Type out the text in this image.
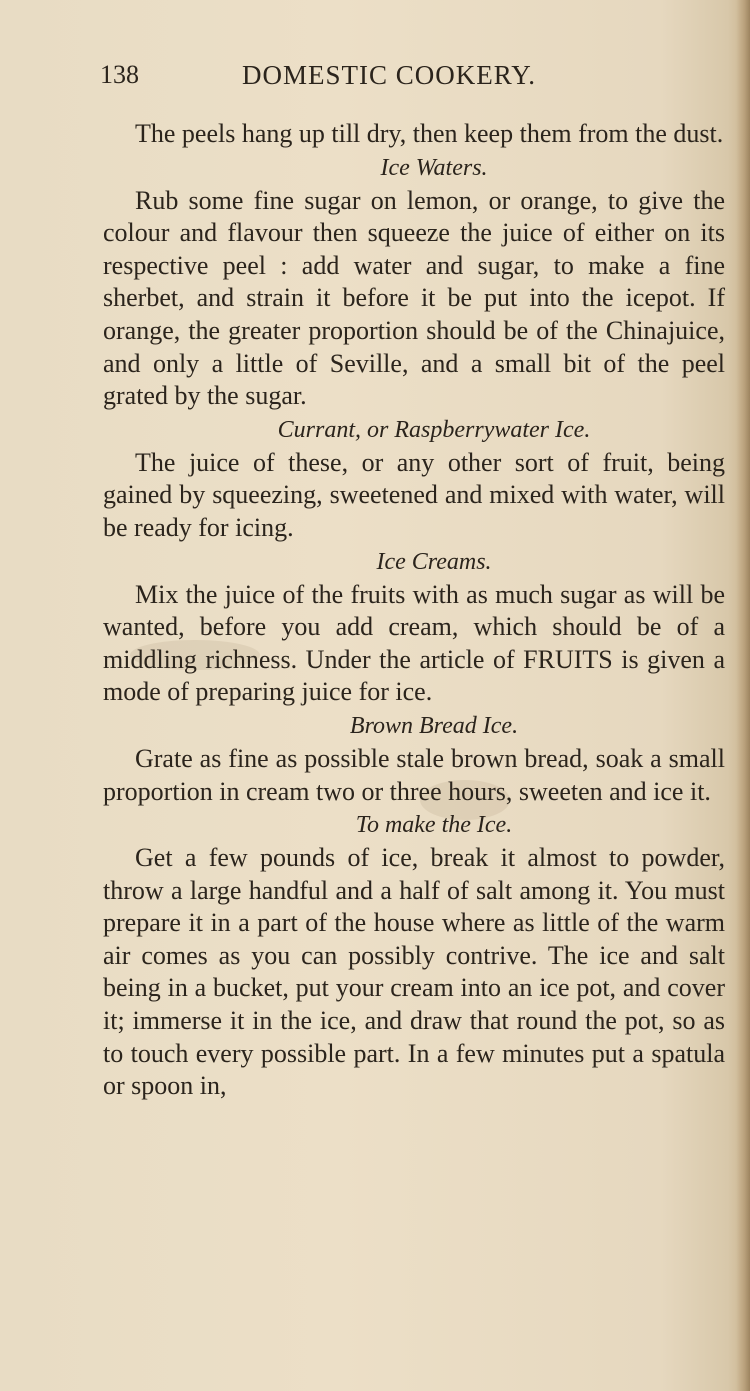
138	DOMESTIC COOKERY.

The peels hang up till dry, then keep them from the dust.

Ice Waters.

Rub some fine sugar on lemon, or orange, to give the colour and flavour then squeeze the juice of either on its respective peel : add water and sugar, to make a fine sherbet, and strain it before it be put into the icepot. If orange, the greater proportion should be of the Chinajuice, and only a little of Seville, and a small bit of the peel grated by the sugar.

Currant, or Raspberrywater Ice.

The juice of these, or any other sort of fruit, being gained by squeezing, sweetened and mixed with water, will be ready for icing.

Ice Creams.

Mix the juice of the fruits with as much sugar as will be wanted, before you add cream, which should be of a middling richness. Under the article of FRUITS is given a mode of preparing juice for ice.

Brown Bread Ice.

Grate as fine as possible stale brown bread, soak a small proportion in cream two or three hours, sweeten and ice it.

To make the Ice.

Get a few pounds of ice, break it almost to powder, throw a large handful and a half of salt among it. You must prepare it in a part of the house where as little of the warm air comes as you can possibly contrive. The ice and salt being in a bucket, put your cream into an ice pot, and cover it; immerse it in the ice, and draw that round the pot, so as to touch every possible part. In a few minutes put a spatula or spoon in,
